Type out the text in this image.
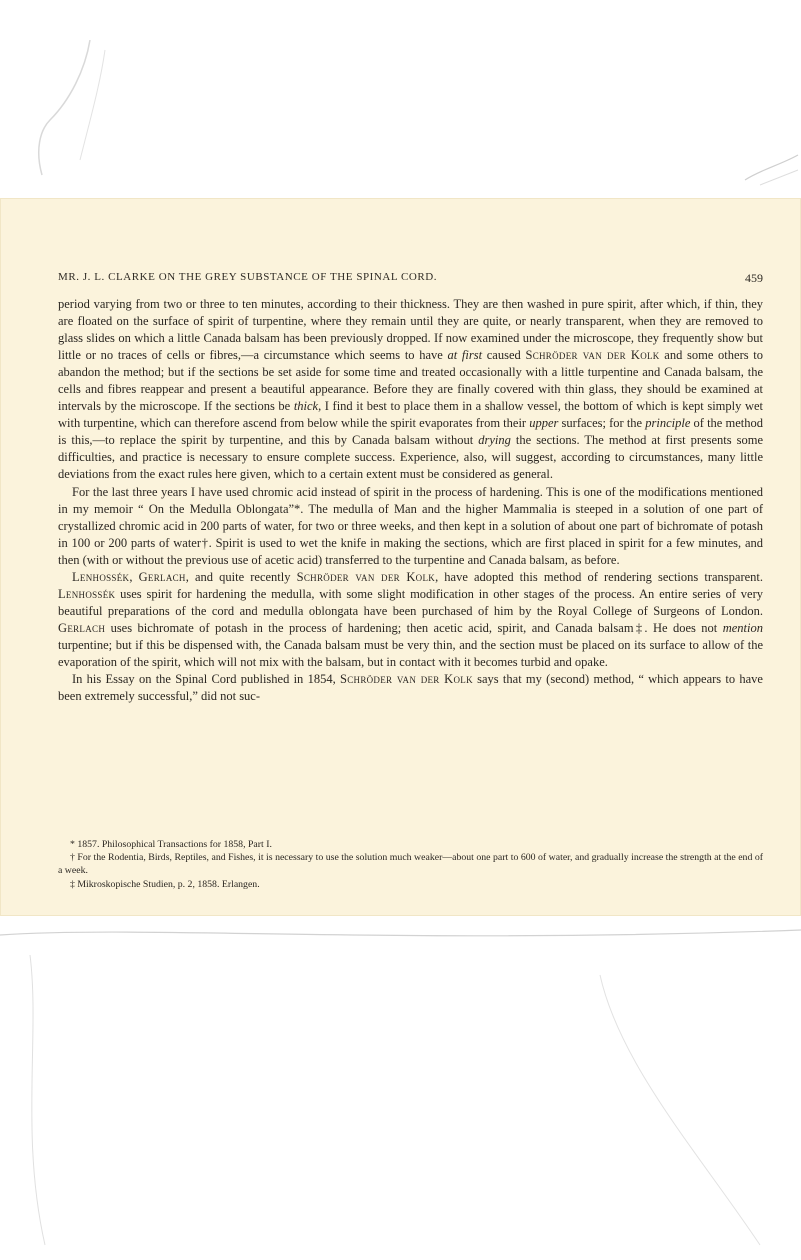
MR. J. L. CLARKE ON THE GREY SUBSTANCE OF THE SPINAL CORD.	459

period varying from two or three to ten minutes, according to their thickness. They are then washed in pure spirit, after which, if thin, they are floated on the surface of spirit of turpentine, where they remain until they are quite, or nearly transparent, when they are removed to glass slides on which a little Canada balsam has been previously dropped. If now examined under the microscope, they frequently show but little or no traces of cells or fibres,—a circumstance which seems to have at first caused Schröder van der Kolk and some others to abandon the method; but if the sections be set aside for some time and treated occasionally with a little turpentine and Canada balsam, the cells and fibres reappear and present a beautiful appearance. Before they are finally covered with thin glass, they should be examined at intervals by the microscope. If the sections be thick, I find it best to place them in a shallow vessel, the bottom of which is kept simply wet with turpentine, which can therefore ascend from below while the spirit evaporates from their upper surfaces; for the principle of the method is this,—to replace the spirit by turpentine, and this by Canada balsam without drying the sections. The method at first presents some difficulties, and practice is necessary to ensure complete success. Experience, also, will suggest, according to circumstances, many little deviations from the exact rules here given, which to a certain extent must be considered as general.

For the last three years I have used chromic acid instead of spirit in the process of hardening. This is one of the modifications mentioned in my memoir “ On the Medulla Oblongata”*. The medulla of Man and the higher Mammalia is steeped in a solution of one part of crystallized chromic acid in 200 parts of water, for two or three weeks, and then kept in a solution of about one part of bichromate of potash in 100 or 200 parts of water†. Spirit is used to wet the knife in making the sections, which are first placed in spirit for a few minutes, and then (with or without the previous use of acetic acid) transferred to the turpentine and Canada balsam, as before.

Lenhossék, Gerlach, and quite recently Schröder van der Kolk, have adopted this method of rendering sections transparent. Lenhossék uses spirit for hardening the medulla, with some slight modification in other stages of the process. An entire series of very beautiful preparations of the cord and medulla oblongata have been purchased of him by the Royal College of Surgeons of London. Gerlach uses bichromate of potash in the process of hardening; then acetic acid, spirit, and Canada balsam‡. He does not mention turpentine; but if this be dispensed with, the Canada balsam must be very thin, and the section must be placed on its surface to allow of the evaporation of the spirit, which will not mix with the balsam, but in contact with it becomes turbid and opake.

In his Essay on the Spinal Cord published in 1854, Schröder van der Kolk says that my (second) method, “ which appears to have been extremely successful,” did not suc-

* 1857. Philosophical Transactions for 1858, Part I.

† For the Rodentia, Birds, Reptiles, and Fishes, it is necessary to use the solution much weaker—about one part to 600 of water, and gradually increase the strength at the end of a week.

‡ Mikroskopische Studien, p. 2, 1858. Erlangen.
